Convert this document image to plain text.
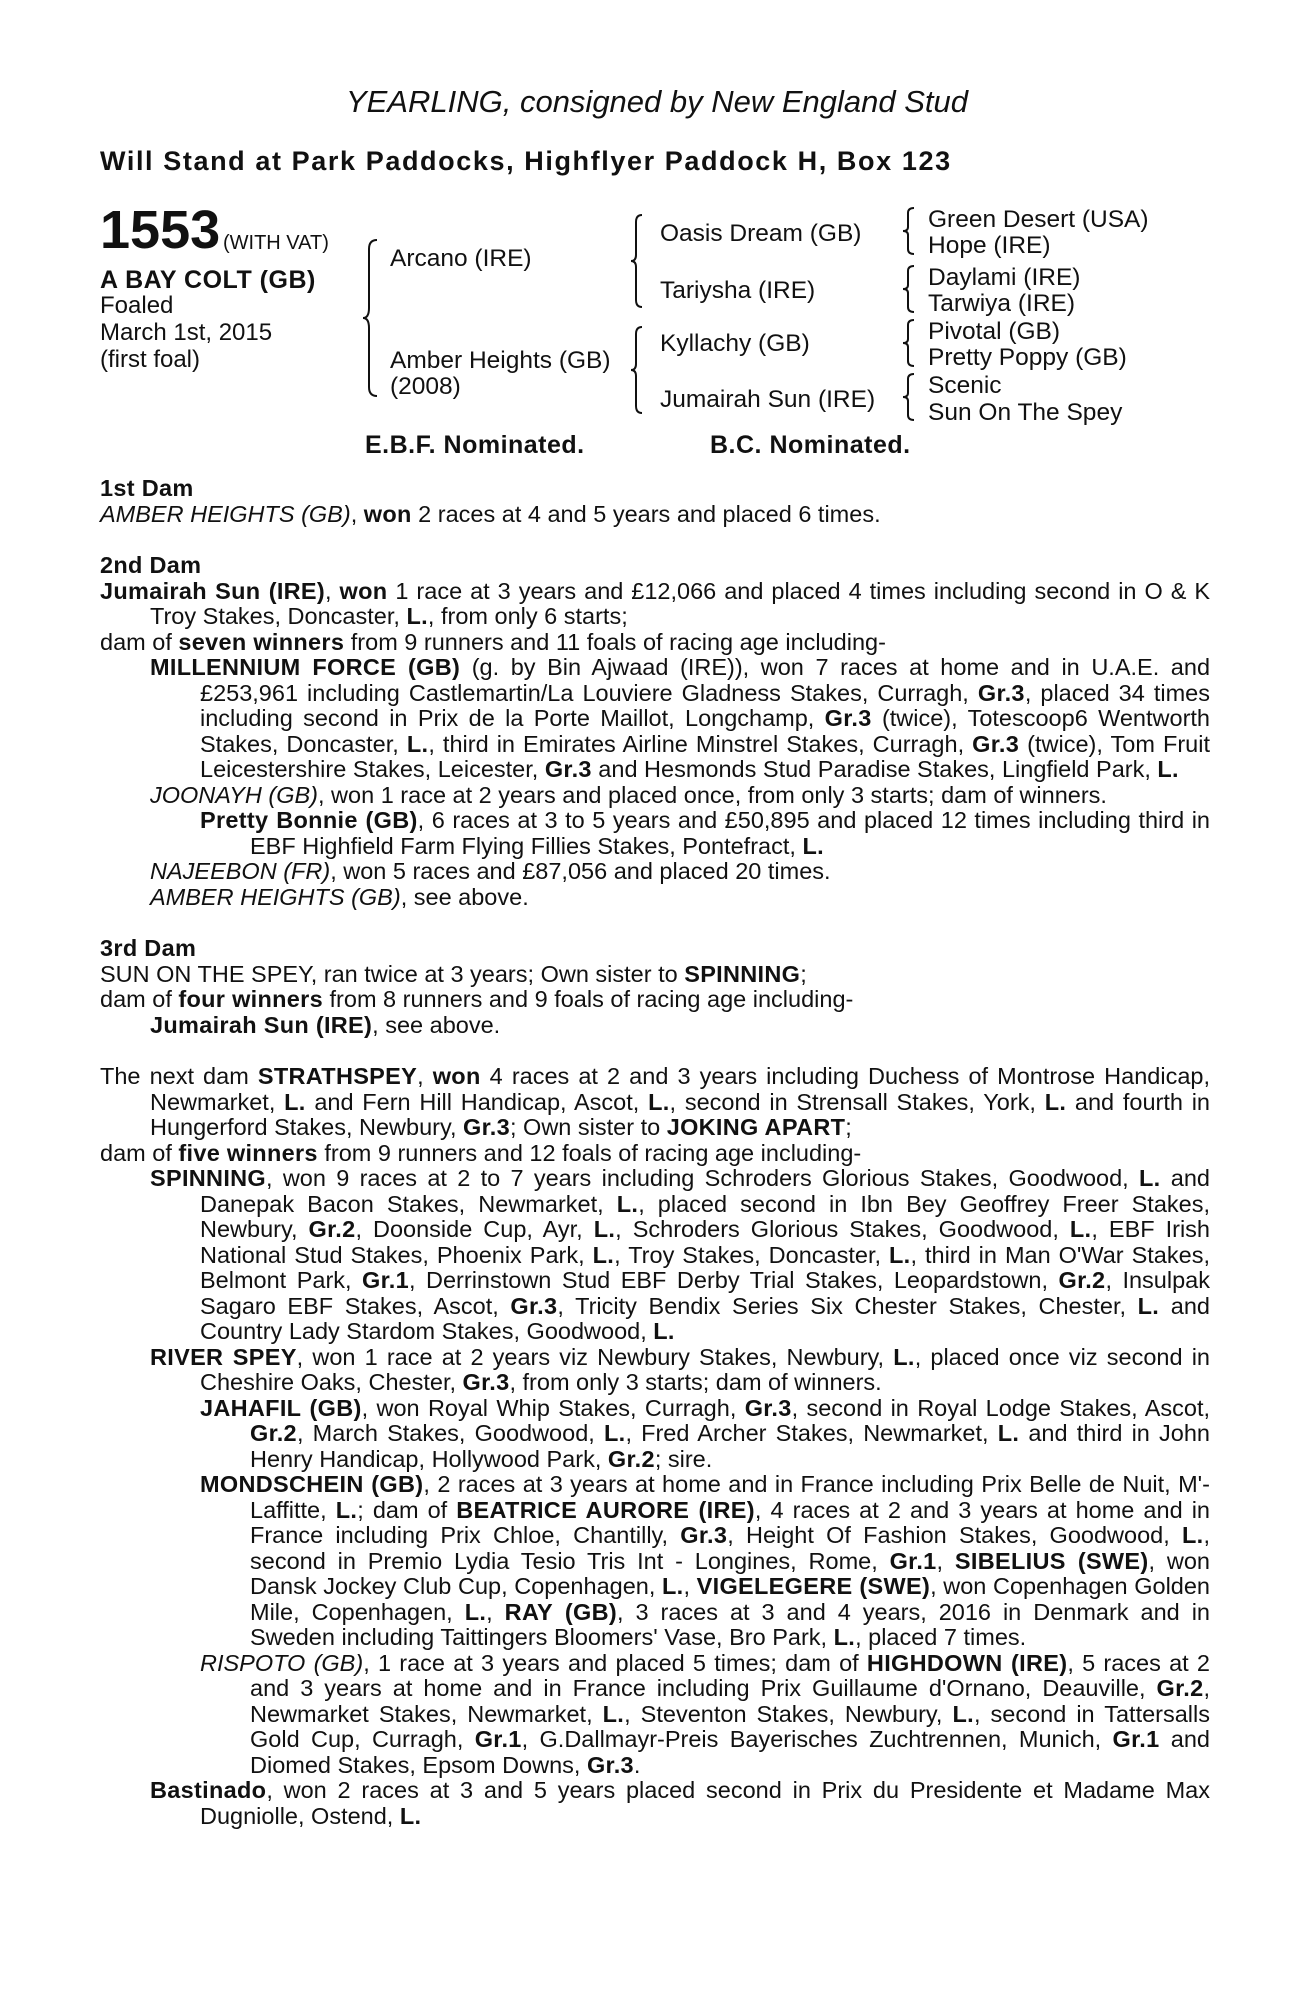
YEARLING, consigned by New England Stud
Will Stand at Park Paddocks, Highflyer Paddock H, Box 123
1553 (WITH VAT)
A BAY COLT (GB)
Foaled
March 1st, 2015
(first foal)
Arcano (IRE)
Amber Heights (GB)
(2008)
Oasis Dream (GB)
Tariysha (IRE)
Kyllachy (GB)
Jumairah Sun (IRE)
Green Desert (USA)
Hope (IRE)
Daylami (IRE)
Tarwiya (IRE)
Pivotal (GB)
Pretty Poppy (GB)
Scenic
Sun On The Spey
E.B.F. Nominated.	B.C. Nominated.
1st Dam
AMBER HEIGHTS (GB), won 2 races at 4 and 5 years and placed 6 times.
2nd Dam
Jumairah Sun (IRE), won 1 race at 3 years and £12,066 and placed 4 times including second in O & K Troy Stakes, Doncaster, L., from only 6 starts;
dam of seven winners from 9 runners and 11 foals of racing age including-
MILLENNIUM FORCE (GB) (g. by Bin Ajwaad (IRE)), won 7 races at home and in U.A.E. and £253,961 including Castlemartin/La Louviere Gladness Stakes, Curragh, Gr.3, placed 34 times including second in Prix de la Porte Maillot, Longchamp, Gr.3 (twice), Totescoop6 Wentworth Stakes, Doncaster, L., third in Emirates Airline Minstrel Stakes, Curragh, Gr.3 (twice), Tom Fruit Leicestershire Stakes, Leicester, Gr.3 and Hesmonds Stud Paradise Stakes, Lingfield Park, L.
JOONAYH (GB), won 1 race at 2 years and placed once, from only 3 starts; dam of winners.
Pretty Bonnie (GB), 6 races at 3 to 5 years and £50,895 and placed 12 times including third in EBF Highfield Farm Flying Fillies Stakes, Pontefract, L.
NAJEEBON (FR), won 5 races and £87,056 and placed 20 times.
AMBER HEIGHTS (GB), see above.
3rd Dam
SUN ON THE SPEY, ran twice at 3 years; Own sister to SPINNING;
dam of four winners from 8 runners and 9 foals of racing age including-
Jumairah Sun (IRE), see above.
The next dam STRATHSPEY, won 4 races at 2 and 3 years including Duchess of Montrose Handicap, Newmarket, L. and Fern Hill Handicap, Ascot, L., second in Strensall Stakes, York, L. and fourth in Hungerford Stakes, Newbury, Gr.3; Own sister to JOKING APART;
dam of five winners from 9 runners and 12 foals of racing age including-
SPINNING, won 9 races at 2 to 7 years including Schroders Glorious Stakes, Goodwood, L. and Danepak Bacon Stakes, Newmarket, L., placed second in Ibn Bey Geoffrey Freer Stakes, Newbury, Gr.2, Doonside Cup, Ayr, L., Schroders Glorious Stakes, Goodwood, L., EBF Irish National Stud Stakes, Phoenix Park, L., Troy Stakes, Doncaster, L., third in Man O'War Stakes, Belmont Park, Gr.1, Derrinstown Stud EBF Derby Trial Stakes, Leopardstown, Gr.2, Insulpak Sagaro EBF Stakes, Ascot, Gr.3, Tricity Bendix Series Six Chester Stakes, Chester, L. and Country Lady Stardom Stakes, Goodwood, L.
RIVER SPEY, won 1 race at 2 years viz Newbury Stakes, Newbury, L., placed once viz second in Cheshire Oaks, Chester, Gr.3, from only 3 starts; dam of winners.
JAHAFIL (GB), won Royal Whip Stakes, Curragh, Gr.3, second in Royal Lodge Stakes, Ascot, Gr.2, March Stakes, Goodwood, L., Fred Archer Stakes, Newmarket, L. and third in John Henry Handicap, Hollywood Park, Gr.2; sire.
MONDSCHEIN (GB), 2 races at 3 years at home and in France including Prix Belle de Nuit, M'-Laffitte, L.; dam of BEATRICE AURORE (IRE), 4 races at 2 and 3 years at home and in France including Prix Chloe, Chantilly, Gr.3, Height Of Fashion Stakes, Goodwood, L., second in Premio Lydia Tesio Tris Int - Longines, Rome, Gr.1, SIBELIUS (SWE), won Dansk Jockey Club Cup, Copenhagen, L., VIGELEGERE (SWE), won Copenhagen Golden Mile, Copenhagen, L., RAY (GB), 3 races at 3 and 4 years, 2016 in Denmark and in Sweden including Taittingers Bloomers' Vase, Bro Park, L., placed 7 times.
RISPOTO (GB), 1 race at 3 years and placed 5 times; dam of HIGHDOWN (IRE), 5 races at 2 and 3 years at home and in France including Prix Guillaume d'Ornano, Deauville, Gr.2, Newmarket Stakes, Newmarket, L., Steventon Stakes, Newbury, L., second in Tattersalls Gold Cup, Curragh, Gr.1, G.Dallmayr-Preis Bayerisches Zuchtrennen, Munich, Gr.1 and Diomed Stakes, Epsom Downs, Gr.3.
Bastinado, won 2 races at 3 and 5 years placed second in Prix du Presidente et Madame Max Dugniolle, Ostend, L.
